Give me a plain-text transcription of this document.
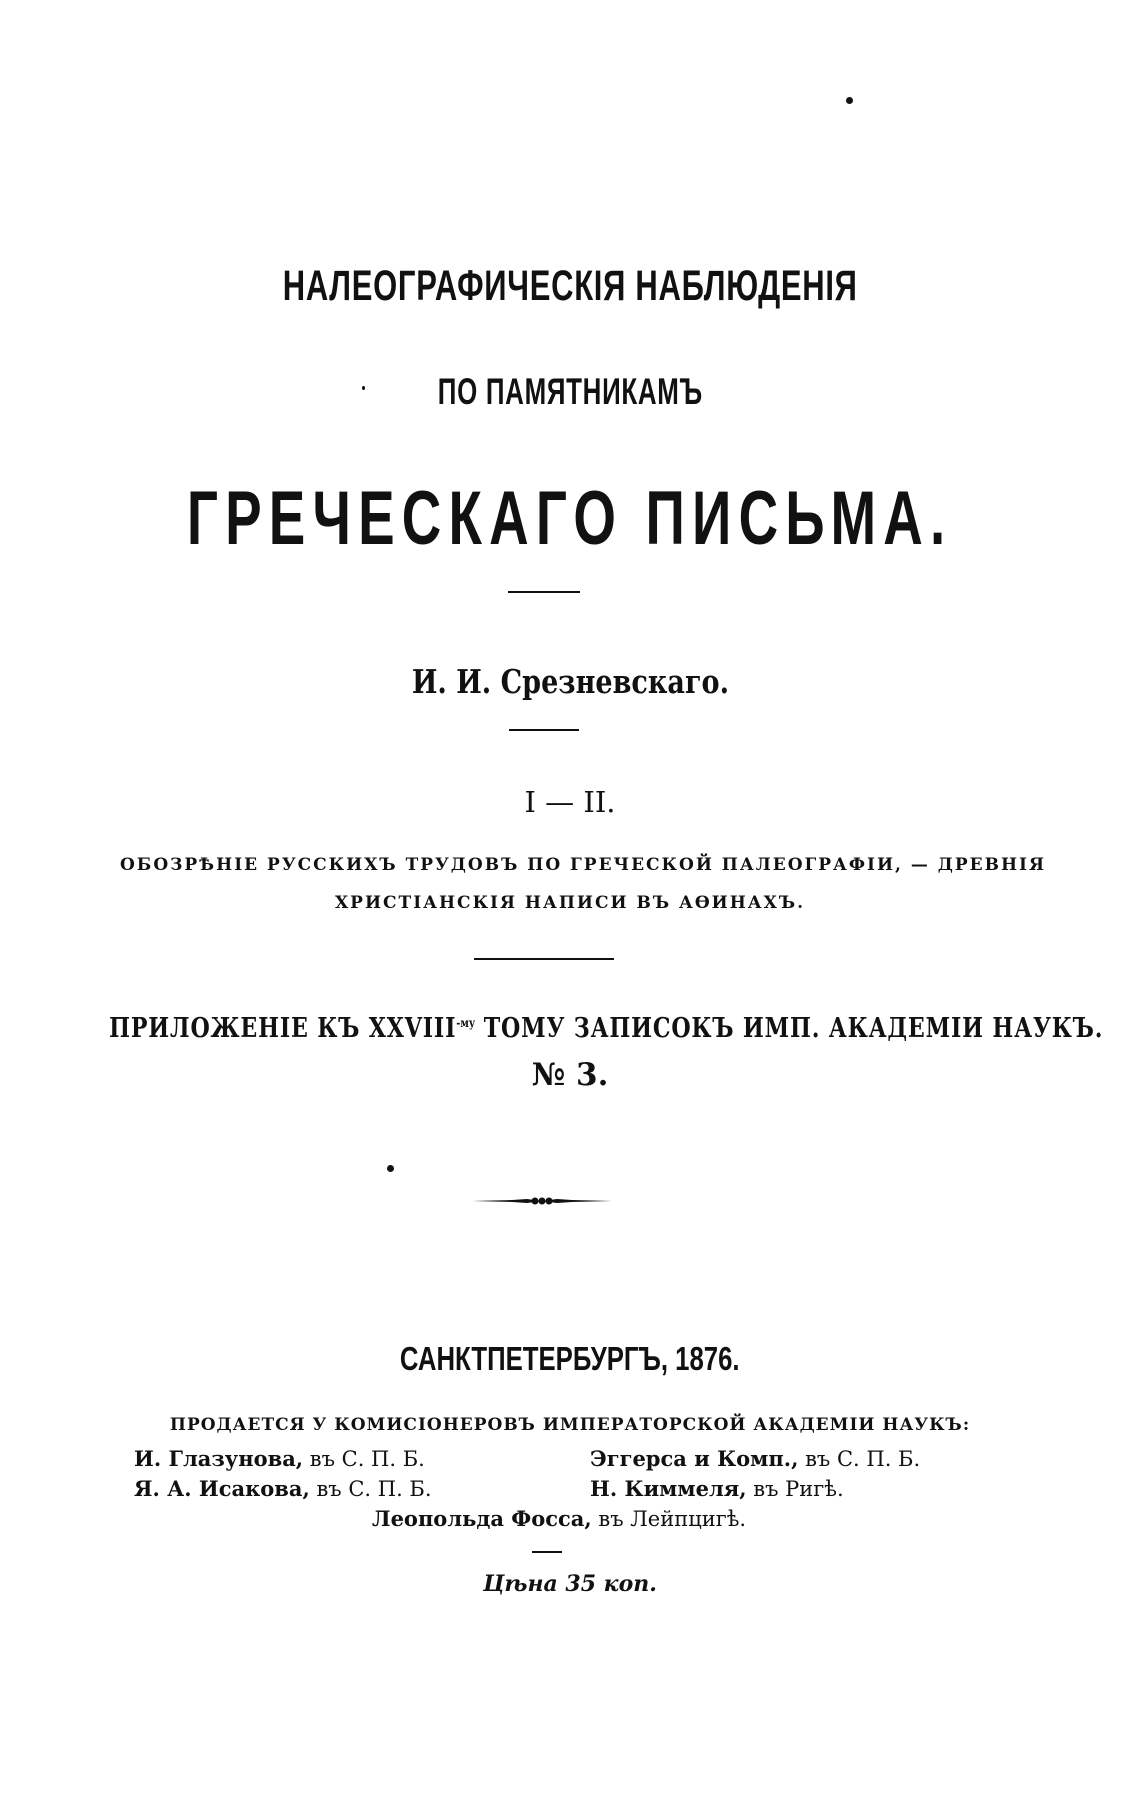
НАЛЕОГРАФИЧЕСКІЯ НАБЛЮДЕНІЯ
ПО ПАМЯТНИКАМЪ
ГРЕЧЕСКАГО ПИСЬМА.
И. И. Срезневскаго.
I — II.
ОБОЗРѢНІЕ РУССКИХЪ ТРУДОВЪ ПО ГРЕЧЕСКОЙ ПАЛЕОГРАФІИ, — ДРЕВНІЯ
ХРИСТІАНСКІЯ НАПИСИ ВЪ АѲИНАХЪ.
ПРИЛОЖЕНІЕ КЪ $XXVIII^{-му}$ ТОМУ ЗАПИСОКЪ ИМП. АКАДЕМІИ НАУКЪ.
№ 3.
САНКТПЕТЕРБУРГЪ, 1876.
ПРОДАЕТСЯ У КОМИСІОНЕРОВЪ ИМПЕРАТОРСКОЙ АКАДЕМІИ НАУКЪ:
И. Глазунова, въ С. П. Б.	Эггерса и Комп., въ С. П. Б.
Я. А. Исакова, въ С. П. Б.	Н. Киммеля, въ Ригѣ.
Леопольда Фосса, въ Лейпцигѣ.
Цѣна 35 коп.
